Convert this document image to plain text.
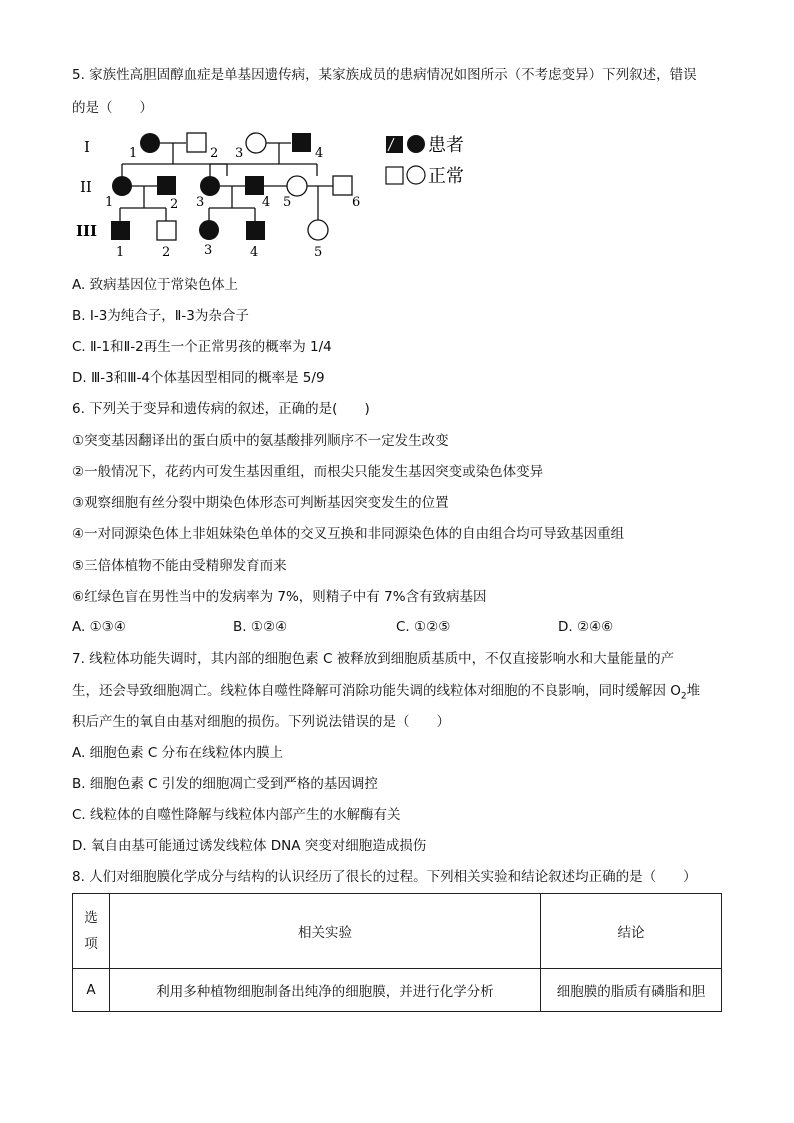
5. 家族性高胆固醇血症是单基因遗传病，某家族成员的患病情况如图所示（不考虑变异）下列叙述，错误
的是（　　）
I
II
III
1	2 3	4
1	2 3	4 5	6
1	2	3	4	5
患者
正常
A. 致病基因位于常染色体上
B. Ⅰ-3为纯合子，Ⅱ-3为杂合子
C. Ⅱ-1和Ⅱ-2再生一个正常男孩的概率为 1/4
D. Ⅲ-3和Ⅲ-4个体基因型相同的概率是 5/9
6. 下列关于变异和遗传病的叙述，正确的是(　　)
①突变基因翻译出的蛋白质中的氨基酸排列顺序不一定发生改变
②一般情况下，花药内可发生基因重组，而根尖只能发生基因突变或染色体变异
③观察细胞有丝分裂中期染色体形态可判断基因突变发生的位置
④一对同源染色体上非姐妹染色单体的交叉互换和非同源染色体的自由组合均可导致基因重组
⑤三倍体植物不能由受精卵发育而来
⑥红绿色盲在男性当中的发病率为 7%，则精子中有 7%含有致病基因
A. ①③④	B. ①②④	C. ①②⑤	D. ②④⑥
7. 线粒体功能失调时，其内部的细胞色素 C 被释放到细胞质基质中，不仅直接影响水和大量能量的产
生，还会导致细胞凋亡。线粒体自噬性降解可消除功能失调的线粒体对细胞的不良影响，同时缓解因 $O_2$堆
积后产生的氧自由基对细胞的损伤。下列说法错误的是（　　）
A. 细胞色素 C 分布在线粒体内膜上
B. 细胞色素 C 引发的细胞凋亡受到严格的基因调控
C. 线粒体的自噬性降解与线粒体内部产生的水解酶有关
D. 氧自由基可能通过诱发线粒体 DNA 突变对细胞造成损伤
8. 人们对细胞膜化学成分与结构的认识经历了很长的过程。下列相关实验和结论叙述均正确的是（　　）
选
项	相关实验	结论
A	利用多种植物细胞制备出纯净的细胞膜，并进行化学分析	细胞膜的脂质有磷脂和胆
